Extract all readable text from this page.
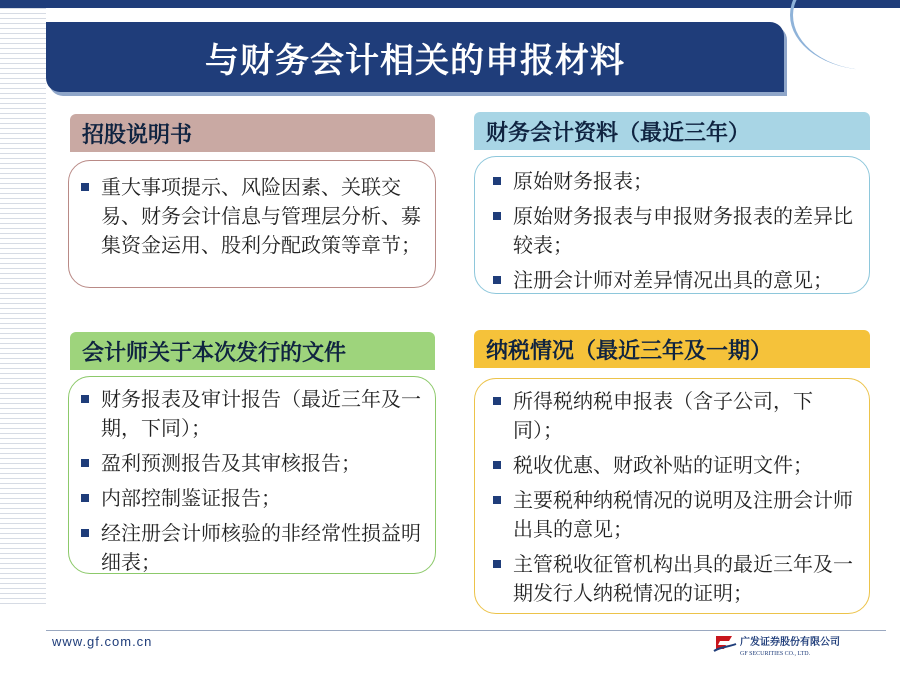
与财务会计相关的申报材料
招股说明书
重大事项提示、风险因素、关联交易、财务会计信息与管理层分析、募集资金运用、股利分配政策等章节；
财务会计资料（最近三年）
原始财务报表；
原始财务报表与申报财务报表的差异比较表；
注册会计师对差异情况出具的意见；
会计师关于本次发行的文件
财务报表及审计报告（最近三年及一期，下同）；
盈利预测报告及其审核报告；
内部控制鉴证报告；
经注册会计师核验的非经常性损益明细表；
纳税情况（最近三年及一期）
所得税纳税申报表（含子公司，下同）；
税收优惠、财政补贴的证明文件；
主要税种纳税情况的说明及注册会计师出具的意见；
主管税收征管机构出具的最近三年及一期发行人纳税情况的证明；
www.gf.com.cn	广发证券股份有限公司
GF SECURITIES CO., LTD.
